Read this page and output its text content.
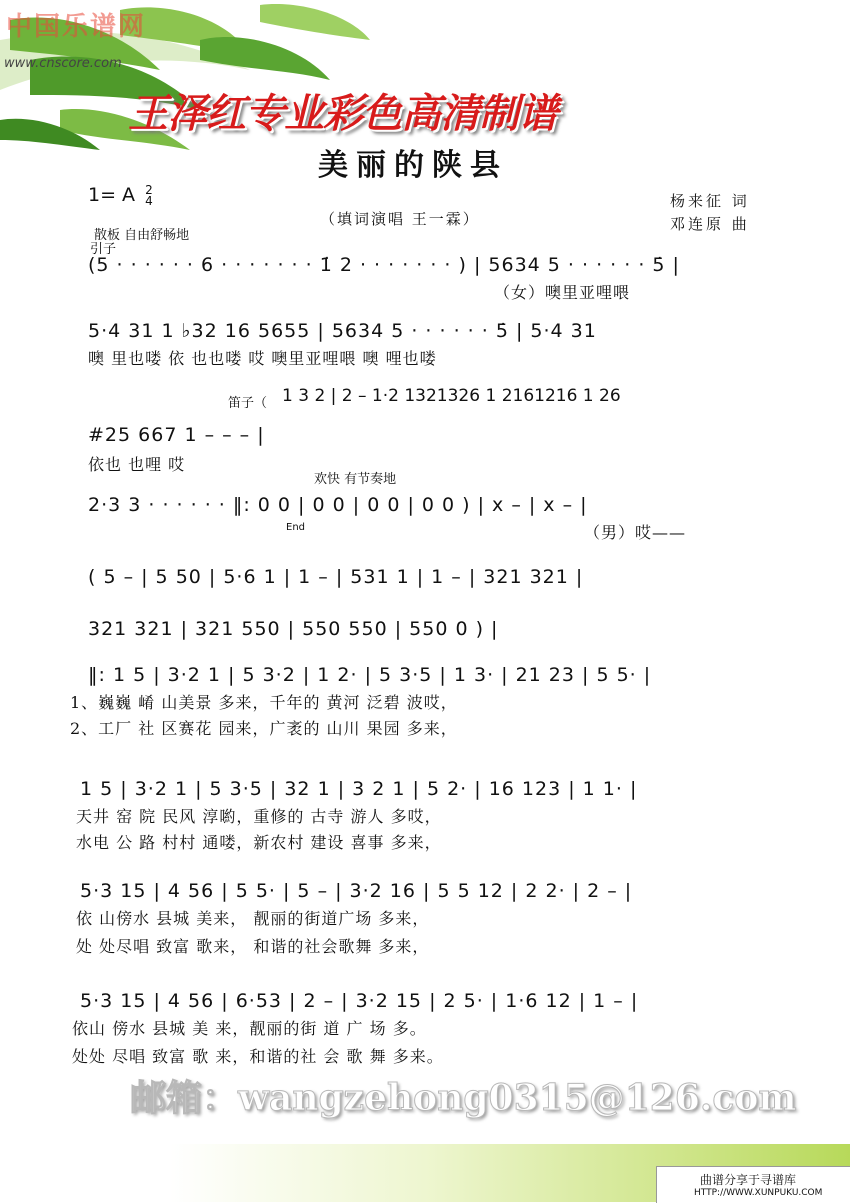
中国乐谱网
www.cnscore.com
王泽红专业彩色高清制谱
美丽的陕县
1= A 2
4
（填词演唱 王一霖）
杨来征 词
邓连原 曲
散板 自由舒畅地
引子
(5 · · · · · · 6 · · · · · · · 1̇ 2 · · · · · · · ) | 5634 5 · · · · · · 5̇ |
（女）噢里亚哩喂
5·4 31 1 ♭32 16 5655 | 5634 5 · · · · · · 5̇ | 5·4 31
噢 里也喽 依 也也喽 哎 噢里亚哩喂 噢 哩也喽
笛子（ 1 3 2 | 2 – 1·2 1321326 1 2161216 1 26
#25 667 1 – – – |
依也 也哩 哎
欢快 有节奏地
2·3 3 · · · · · · ‖: 0 0 | 0 0 | 0 0 | 0 0 ) | x – | x – |
End	（男）哎——
( 5 – | 5 50 | 5·6 1 | 1 – | 531 1 | 1 – | 321 321 |
321 321 | 321 550 | 550 550 | 550 0 ) |
‖: 1 5 | 3·2 1 | 5 3·2 | 1 2· | 5 3·5 | 1 3· | 21 23 | 5 5· |
1、巍巍 崤 山美景 多来，千年的 黄河 泛碧 波哎，
2、工厂 社 区赛花 园来，广袤的 山川 果园 多来，
1 5 | 3·2 1 | 5 3·5 | 32 1 | 3 2 1 | 5 2· | 16 123 | 1 1· |
天井 窑 院 民风 淳喲，重修的 古寺 游人 多哎，
水电 公 路 村村 通喽，新农村 建设 喜事 多来，
5·3 15 | 4 56 | 5 5· | 5 – | 3·2 16 | 5 5 12 | 2 2· | 2 – |
依 山傍水 县城 美来， 靓丽的街道广场 多来，
处 处尽唱 致富 歌来， 和谐的社会歌舞 多来，
5·3 15 | 4 56 | 6·53 | 2 – | 3·2 15 | 2 5· | 1·6 12 | 1 – |
依山 傍水 县城 美 来，靓丽的街 道 广 场 多。
处处 尽唱 致富 歌 来，和谐的社 会 歌 舞 多来。
邮箱：wangzehong0315@126.com
曲谱分享于寻谱库
HTTP://WWW.XUNPUKU.COM
